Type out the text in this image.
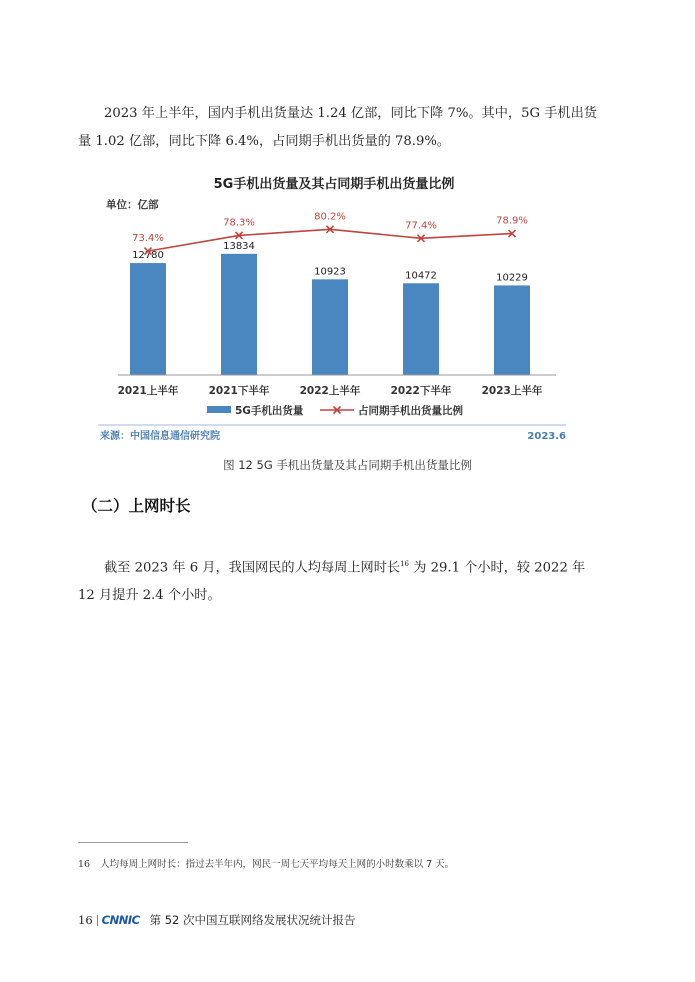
2023 年上半年，国内手机出货量达 1.24 亿部，同比下降 7%。其中，5G 手机出货量 1.02 亿部，同比下降 6.4%，占同期手机出货量的 78.9%。

5G手机出货量及其占同期手机出货量比例
单位：亿部
12780
13834
10923	10472	10229
73.4%
78.3%
80.2%
77.4%	78.9%
2021上半年	2021下半年	2022上半年	2022下半年	2023上半年
5G手机出货量	占同期手机出货量比例
来源：中国信息通信研究院	2023.6
图 12 5G 手机出货量及其占同期手机出货量比例
（二）上网时长

截至 2023 年 6 月，我国网民的人均每周上网时长$^{16}$ 为 29.1 个小时，较 2022 年 12 月提升 2.4 个小时。

16 人均每周上网时长：指过去半年内，网民一周七天平均每天上网的小时数乘以 7 天。
16 CNNIC 第 52 次中国互联网络发展状况统计报告
